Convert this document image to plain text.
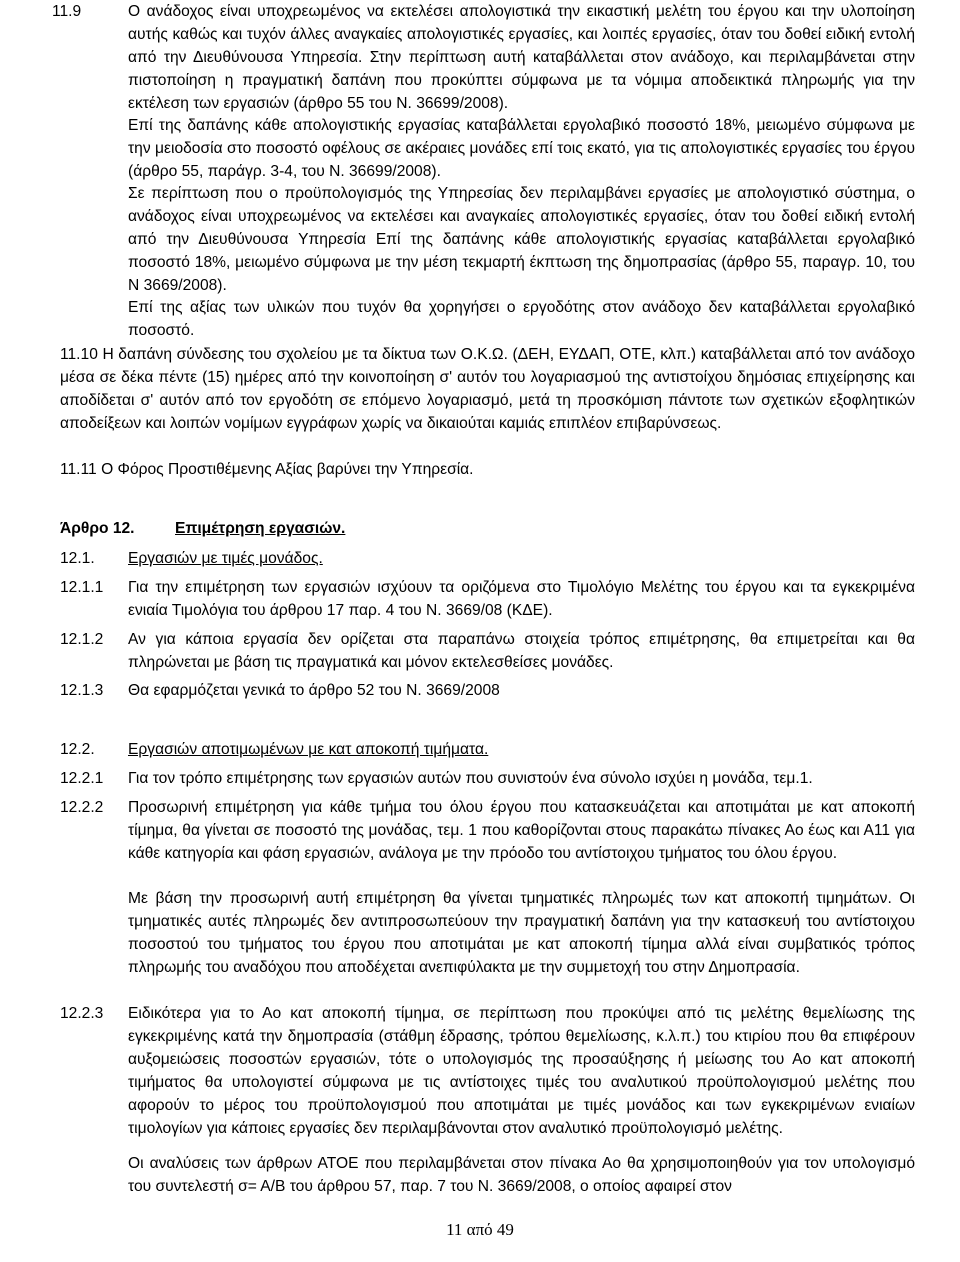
11.9	Ο ανάδοχος είναι υποχρεωμένος να εκτελέσει απολογιστικά την εικαστική μελέτη του έργου και την υλοποίηση αυτής καθώς και τυχόν άλλες αναγκαίες απολογιστικές εργασίες, και λοιπές εργασίες, όταν του δοθεί ειδική εντολή από την Διευθύνουσα Υπηρεσία. Στην περίπτωση αυτή καταβάλλεται στον ανάδοχο, και περιλαμβάνεται στην πιστοποίηση η πραγματική δαπάνη που προκύπτει σύμφωνα με τα νόμιμα αποδεικτικά πληρωμής για την εκτέλεση των εργασιών (άρθρο 55 του Ν. 36699/2008).

Επί της δαπάνης κάθε απολογιστικής εργασίας καταβάλλεται εργολαβικό ποσοστό 18%, μειωμένο σύμφωνα με την μειοδοσία στο ποσοστό οφέλους σε ακέραιες μονάδες επί τοις εκατό, για τις απολογιστικές εργασίες του έργου (άρθρο 55, παράγρ. 3-4, του Ν. 36699/2008).

Σε περίπτωση που ο προϋπολογισμός της Υπηρεσίας δεν περιλαμβάνει εργασίες με απολογιστικό σύστημα, ο ανάδοχος είναι υποχρεωμένος να εκτελέσει και αναγκαίες απολογιστικές εργασίες, όταν του δοθεί ειδική εντολή από την Διευθύνουσα Υπηρεσία Επί της δαπάνης κάθε απολογιστικής εργασίας καταβάλλεται εργολαβικό ποσοστό 18%, μειωμένο σύμφωνα με την μέση τεκμαρτή έκπτωση της δημοπρασίας (άρθρο 55, παραγρ. 10, του Ν 3669/2008).

Επί της αξίας των υλικών που τυχόν θα χορηγήσει ο εργοδότης στον ανάδοχο δεν καταβάλλεται εργολαβικό ποσοστό.

11.10 Η δαπάνη σύνδεσης του σχολείου με τα δίκτυα των Ο.Κ.Ω. (ΔΕΗ, ΕΥΔΑΠ, ΟΤΕ, κλπ.) καταβάλλεται από τον ανάδοχο μέσα σε δέκα πέντε (15) ημέρες από την κοινοποίηση σ' αυτόν του λογαριασμού της αντιστοίχου δημόσιας επιχείρησης και αποδίδεται σ' αυτόν από τον εργοδότη σε επόμενο λογαριασμό, μετά τη προσκόμιση πάντοτε των σχετικών εξοφλητικών αποδείξεων και λοιπών νομίμων εγγράφων χωρίς να δικαιούται καμιάς επιπλέον επιβαρύνσεως.

11.11 Ο Φόρος Προστιθέμενης Αξίας βαρύνει την Υπηρεσία.
Άρθρο 12.	Επιμέτρηση εργασιών.
12.1. Εργασιών με τιμές μονάδος.
12.1.1 Για την επιμέτρηση των εργασιών ισχύουν τα οριζόμενα στο Τιμολόγιο Μελέτης του έργου και τα εγκεκριμένα ενιαία Τιμολόγια του άρθρου 17 παρ. 4 του Ν. 3669/08 (ΚΔΕ).

12.1.2 Αν για κάποια εργασία δεν ορίζεται στα παραπάνω στοιχεία τρόπος επιμέτρησης, θα επιμετρείται και θα πληρώνεται με βάση τις πραγματικά και μόνον εκτελεσθείσες μονάδες.

12.1.3 Θα εφαρμόζεται γενικά το άρθρο 52 του Ν. 3669/2008

12.2. Εργασιών αποτιμωμένων με κατ αποκοπή τιμήματα.
12.2.1 Για τον τρόπο επιμέτρησης των εργασιών αυτών που συνιστούν ένα σύνολο ισχύει η μονάδα, τεμ.1.

12.2.2 Προσωρινή επιμέτρηση για κάθε τμήμα του όλου έργου που κατασκευάζεται και αποτιμάται με κατ αποκοπή τίμημα, θα γίνεται σε ποσοστό της μονάδας, τεμ. 1 που καθορίζονται στους παρακάτω πίνακες Αο έως και Α11 για κάθε κατηγορία και φάση εργασιών, ανάλογα με την πρόοδο του αντίστοιχου τμήματος του όλου έργου.

Με βάση την προσωρινή αυτή επιμέτρηση θα γίνεται τμηματικές πληρωμές των κατ αποκοπή τιμημάτων. Οι τμηματικές αυτές πληρωμές δεν αντιπροσωπεύουν την πραγματική δαπάνη για την κατασκευή του αντίστοιχου ποσοστού του τμήματος του έργου που αποτιμάται με κατ αποκοπή τίμημα αλλά είναι συμβατικός τρόπος πληρωμής του αναδόχου που αποδέχεται ανεπιφύλακτα με την συμμετοχή του στην Δημοπρασία.

12.2.3 Ειδικότερα για το Αο κατ αποκοπή τίμημα, σε περίπτωση που προκύψει από τις μελέτης θεμελίωσης της εγκεκριμένης κατά την δημοπρασία (στάθμη έδρασης, τρόπου θεμελίωσης, κ.λ.π.) του κτιρίου που θα επιφέρουν αυξομειώσεις ποσοστών εργασιών, τότε ο υπολογισμός της προσαύξησης ή μείωσης του Αο κατ αποκοπή τιμήματος θα υπολογιστεί σύμφωνα με τις αντίστοιχες τιμές του αναλυτικού προϋπολογισμού μελέτης που αφορούν το μέρος του προϋπολογισμού που αποτιμάται με τιμές μονάδος και των εγκεκριμένων ενιαίων τιμολογίων για κάποιες εργασίες δεν περιλαμβάνονται στον αναλυτικό προϋπολογισμό μελέτης.

Οι αναλύσεις των άρθρων ΑΤΟΕ που περιλαμβάνεται στον πίνακα Αο θα χρησιμοποιηθούν για τον υπολογισμό του συντελεστή σ= Α/Β του άρθρου 57, παρ. 7 του Ν. 3669/2008, ο οποίος αφαιρεί στον

11 από 49
